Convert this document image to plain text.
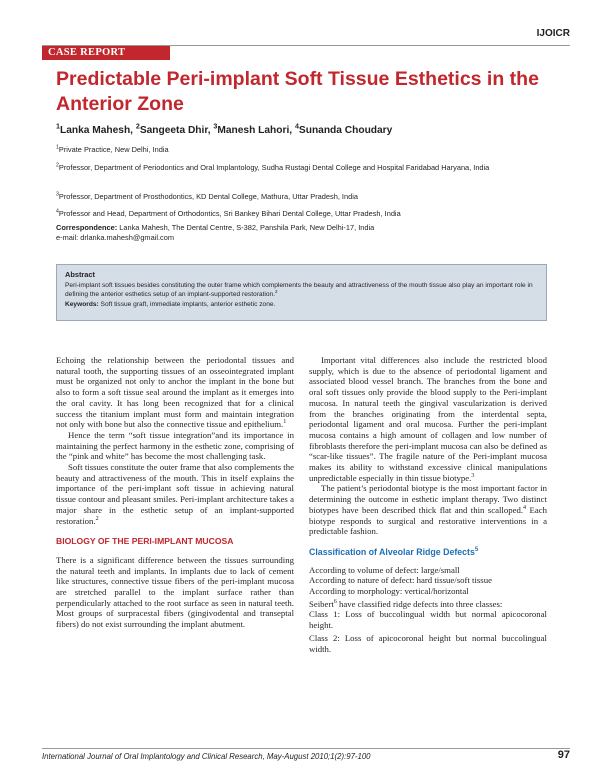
IJOICR
CASE REPORT
Predictable Peri-implant Soft Tissue Esthetics in the Anterior Zone
$^1$Lanka Mahesh, $^2$Sangeeta Dhir, $^3$Manesh Lahori, $^4$Sunanda Choudary

$^1$Private Practice, New Delhi, India

$^2$Professor, Department of Periodontics and Oral Implantology, Sudha Rustagi Dental College and Hospital Faridabad Haryana, India

$^3$Professor, Department of Prosthodontics, KD Dental College, Mathura, Uttar Pradesh, India

$^4$Professor and Head, Department of Orthodontics, Sri Bankey Bihari Dental College, Uttar Pradesh, India

Correspondence: Lanka Mahesh, The Dental Centre, S-382, Panshila Park, New Delhi-17, India
e-mail: drlanka.mahesh@gmail.com

Abstract

Peri-implant soft tissues besides constituting the outer frame which complements the beauty and attractiveness of the mouth tissue also play an important role in defining the anterior esthetics setup of an implant-supported restoration.$^2$

Keywords: Soft tissue graft, immediate implants, anterior esthetic zone.

Echoing the relationship between the periodontal tissues and natural tooth, the supporting tissues of an osseointegrated implant must be organized not only to anchor the implant in the bone but also to form a soft tissue seal around the implant as it emerges into the oral cavity. It has long been recognized that for a clinical success the titanium implant must form and maintain integration not only with bone but also the connective tissue and epithelium.$^1$

Hence the term “soft tissue integration”and its importance in maintaining the perfect harmony in the esthetic zone, comprising of the “pink and white” has become the most challenging task.

Soft tissues constitute the outer frame that also complements the beauty and attractiveness of the mouth. This in itself explains the importance of the peri-implant soft tissue in achieving natural tissue contour and pleasant smiles. Peri-implant architecture takes a major share in the esthetic setup of an implant-supported restoration.$^2$

BIOLOGY OF THE PERI-IMPLANT MUCOSA

There is a significant difference between the tissues surrounding the natural teeth and implants. In implants due to lack of cement like structures, connective tissue fibers of the peri-implant mucosa are stretched parallel to the implant surface rather than perpendicularly attached to the root surface as seen in natural teeth. Most groups of surpracestal fibers (gingivodental and transeptal fibers) do not exist surrounding the implant abutment.

Important vital differences also include the restricted blood supply, which is due to the absence of periodontal ligament and associated blood vessel branch. The branches from the bone and oral soft tissues only provide the blood supply to the Peri-implant mucosa. In natural teeth the gingival vascularization is derived from the branches originating from the interdental septa, periodontal ligament and oral mucosa. Further the peri-implant mucosa contains a high amount of collagen and low number of fibroblasts therefore the peri-implant mucosa can also be defined as “scar-like tissues”. The fragile nature of the Peri-implant mucosa makes its ability to withstand excessive clinical manipulations unpredictable especially in thin tissue biotype.$^3$

The patient’s periodontal biotype is the most important factor in determining the outcome in esthetic implant therapy. Two distinct biotypes have been described thick flat and thin scalloped.$^4$ Each biotype responds to surgical and restorative interventions in a predictable fashion.

Classification of Alveolar Ridge Defects$^5$

According to volume of defect: large/small

According to nature of defect: hard tissue/soft tissue

According to morphology: vertical/horizontal

Seibert$^6$ have classified ridge defects into three classes:

Class 1: Loss of buccolingual width but normal apicocoronal height.

Class 2: Loss of apicocoronal height but normal buccolingual width.

International Journal of Oral Implantology and Clinical Research, May-August 2010;1(2):97-100	97
